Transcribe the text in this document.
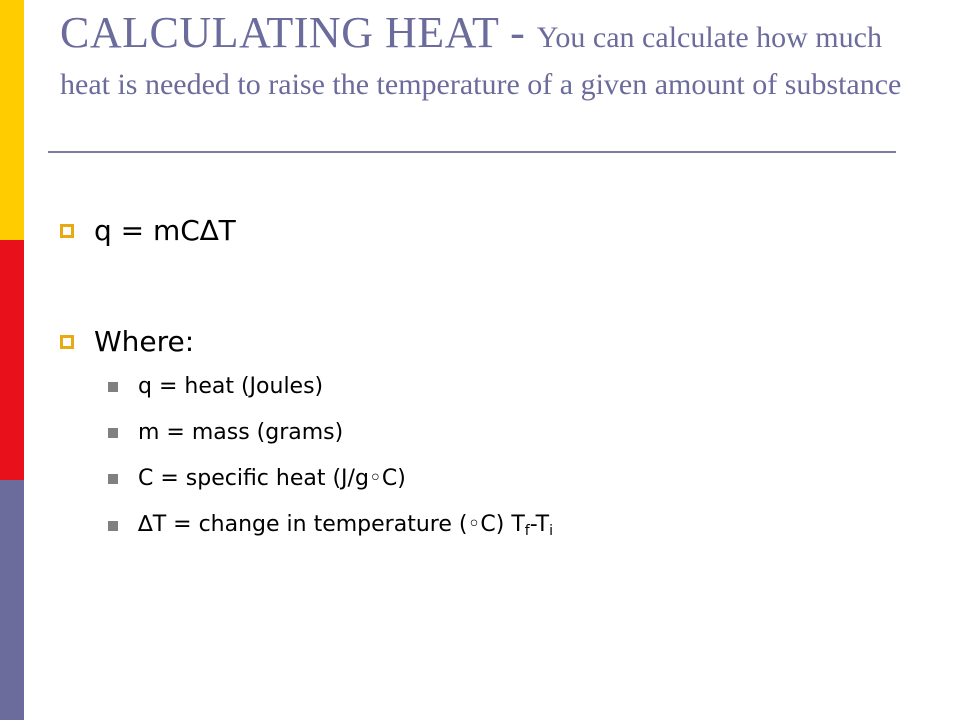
CALCULATING HEAT - You can calculate how much heat is needed to raise the temperature of a given amount of substance
q = mC∆T
Where:
q = heat (Joules)
m = mass (grams)
C = specific heat (J/g◦C)
∆T = change in temperature (◦C) $T_f-T_i$
